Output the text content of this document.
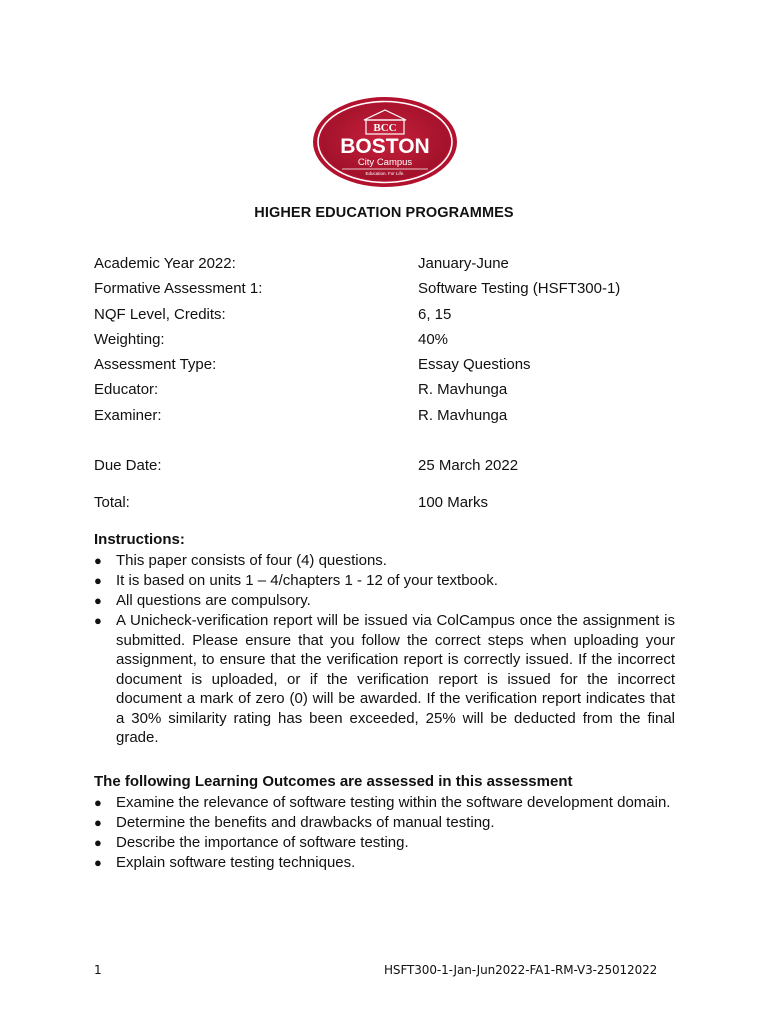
BCC
BOSTON
City Campus
Education. For Life.
HIGHER EDUCATION PROGRAMMES
Academic Year 2022:	January-June
Formative Assessment 1:	Software Testing (HSFT300-1)
NQF Level, Credits:	6, 15
Weighting:	40%
Assessment Type:	Essay Questions
Educator:	R. Mavhunga
Examiner:	R. Mavhunga
Due Date:	25 March 2022
Total:	100 Marks
Instructions:
● This paper consists of four (4) questions.
● It is based on units 1 – 4/chapters 1 - 12 of your textbook.
● All questions are compulsory.
● A Unicheck-verification report will be issued via ColCampus once the assignment is submitted. Please ensure that you follow the correct steps when uploading your assignment, to ensure that the verification report is correctly issued. If the incorrect document is uploaded, or if the verification report is issued for the incorrect document a mark of zero (0) will be awarded. If the verification report indicates that a 30% similarity rating has been exceeded, 25% will be deducted from the final grade.
The following Learning Outcomes are assessed in this assessment
● Examine the relevance of software testing within the software development domain.
● Determine the benefits and drawbacks of manual testing.
● Describe the importance of software testing.
● Explain software testing techniques.
1	HSFT300-1-Jan-Jun2022-FA1-RM-V3-25012022
